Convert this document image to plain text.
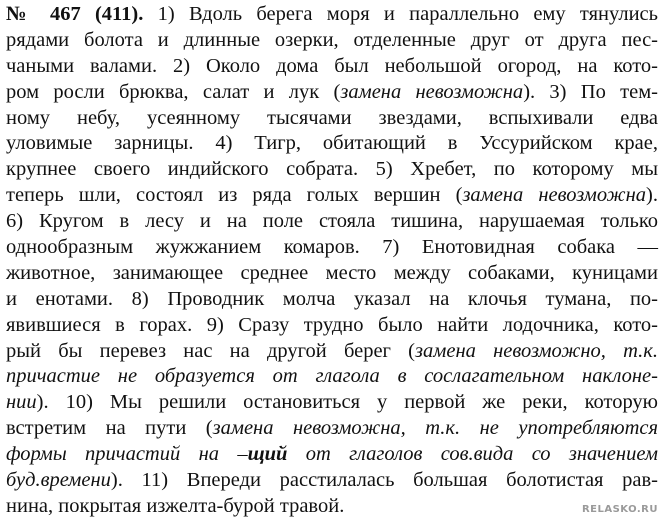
№ 467 (411). 1) Вдоль берега моря и параллельно ему тянулись
рядами болота и длинные озерки, отделенные друг от друга пес-
чаными валами. 2) Около дома был небольшой огород, на кото-
ром росли брюква, салат и лук (замена невозможна). 3) По тем-
ному небу, усеянному тысячами звездами, вспыхивали едва
уловимые зарницы. 4) Тигр, обитающий в Уссурийском крае,
крупнее своего индийского собрата. 5) Хребет, по которому мы
теперь шли, состоял из ряда голых вершин (замена невозможна).
6) Кругом в лесу и на поле стояла тишина, нарушаемая только
однообразным жужжанием комаров. 7) Енотовидная собака —
животное, занимающее среднее место между собаками, куницами
и енотами. 8) Проводник молча указал на клочья тумана, по-
явившиеся в горах. 9) Сразу трудно было найти лодочника, кото-
рый бы перевез нас на другой берег (замена невозможно, т.к.
причастие не образуется от глагола в сослагательном наклоне-
нии). 10) Мы решили остановиться у первой же реки, которую
встретим на пути (замена невозможна, т.к. не употребляются
формы причастий на –щий от глаголов сов.вида со значением
буд.времени). 11) Впереди расстилалась большая болотистая рав-
нина, покрытая изжелта-бурой травой.	RELASKO.RU
